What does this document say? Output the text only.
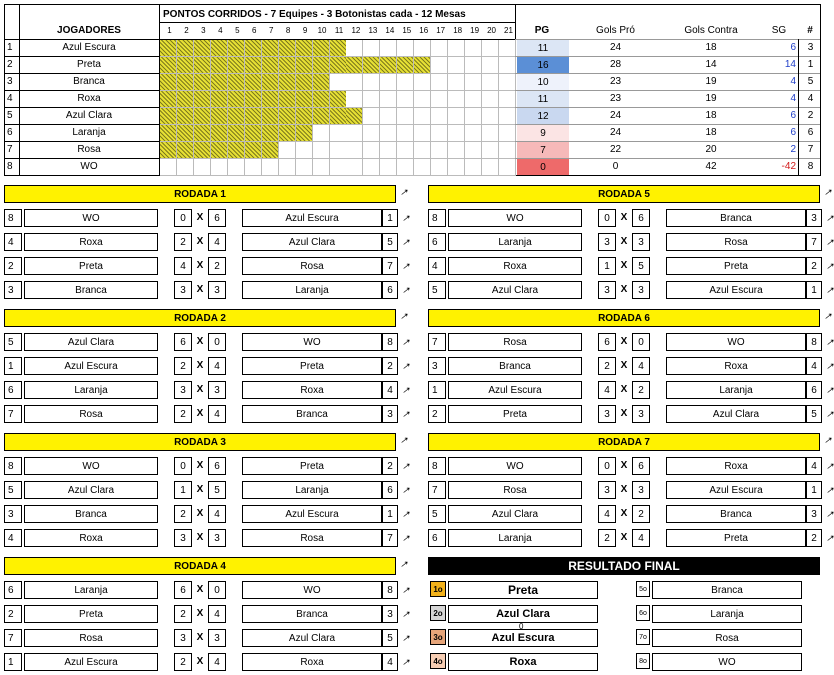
JOGADORES
PONTOS CORRIDOS - 7 Equipes - 3 Botonistas cada - 12 Mesas
1	2	3	4	5	6	7	8	9	10	11	12	13	14	15	16	17	18	19	20	21	PG	Gols Pró	Gols Contra	SG	#
1	Azul Escura	11	24	18	6	3
2	Preta	16	28	14	14	1
3	Branca	10	23	19	4	5
4	Roxa	11	23	19	4	4
5	Azul Clara	12	24	18	6	2
6	Laranja	9	24	18	6	6
7	Rosa	7	22	20	2	7
8	WO	0	0	42	-42	8
RODADA 1	↗
8	WO	0	X	6	Azul Escura	1	↗
4	Roxa	2	X	4	Azul Clara	5	↗
2	Preta	4	X	2	Rosa	7	↗
3	Branca	3	X	3	Laranja	6	↗
RODADA 2	↗
5	Azul Clara	6	X	0	WO	8	↗
1	Azul Escura	2	X	4	Preta	2	↗
6	Laranja	3	X	3	Roxa	4	↗
7	Rosa	2	X	4	Branca	3	↗
RODADA 3	↗
8	WO	0	X	6	Preta	2	↗
5	Azul Clara	1	X	5	Laranja	6	↗
3	Branca	2	X	4	Azul Escura	1	↗
4	Roxa	3	X	3	Rosa	7	↗
RODADA 4	↗
6	Laranja	6	X	0	WO	8	↗
2	Preta	2	X	4	Branca	3	↗
7	Rosa	3	X	3	Azul Clara	5	↗
1	Azul Escura	2	X	4	Roxa	4	↗
RODADA 5	↗
8	WO	0	X	6	Branca	3	↗
6	Laranja	3	X	3	Rosa	7	↗
4	Roxa	1	X	5	Preta	2	↗
5	Azul Clara	3	X	3	Azul Escura	1	↗
RODADA 6	↗
7	Rosa	6	X	0	WO	8	↗
3	Branca	2	X	4	Roxa	4	↗
1	Azul Escura	4	X	2	Laranja	6	↗
2	Preta	3	X	3	Azul Clara	5	↗
RODADA 7	↗
8	WO	0	X	6	Roxa	4	↗
7	Rosa	3	X	3	Azul Escura	1	↗
5	Azul Clara	4	X	2	Branca	3	↗
6	Laranja	2	X	4	Preta	2	↗
RESULTADO FINAL
1o	Preta
2o	Azul Clara
3o	Azul Escura
4o	Roxa
0
5o	Branca
6o	Laranja
7o	Rosa
8o	WO
